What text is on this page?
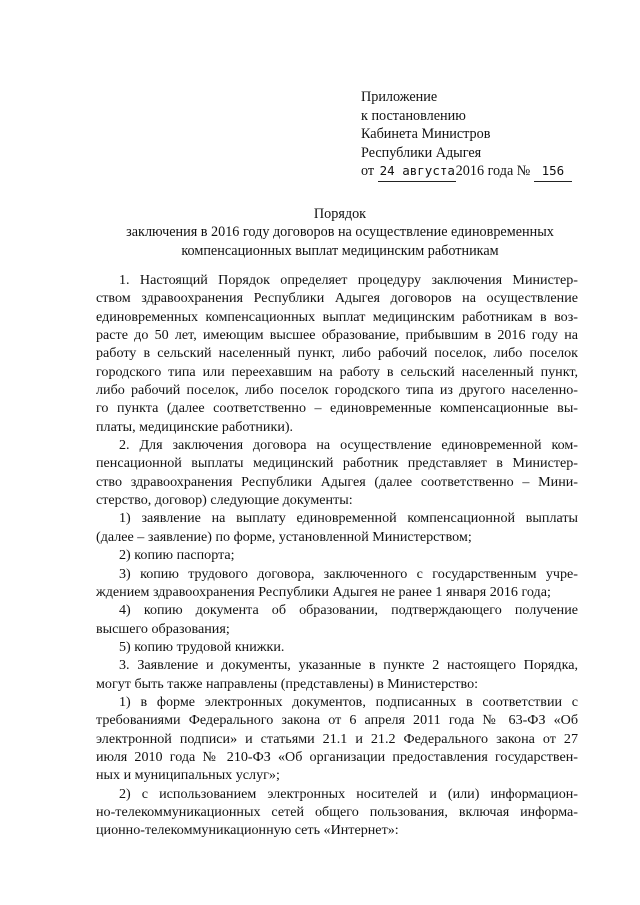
Приложение
к постановлению
Кабинета Министров
Республики Адыгея
от 24 августа2016 года № 156
Порядок
заключения в 2016 году договоров на осуществление единовременных
компенсационных выплат медицинским работникам
1. Настоящий Порядок определяет процедуру заключения Министер-
ством здравоохранения Республики Адыгея договоров на осуществление
единовременных компенсационных выплат медицинским работникам в воз-
расте до 50 лет, имеющим высшее образование, прибывшим в 2016 году на
работу в сельский населенный пункт, либо рабочий поселок, либо поселок
городского типа или переехавшим на работу в сельский населенный пункт,
либо рабочий поселок, либо поселок городского типа из другого населенно-
го пункта (далее соответственно – единовременные компенсационные вы-
платы, медицинские работники).
2. Для заключения договора на осуществление единовременной ком-
пенсационной выплаты медицинский работник представляет в Министер-
ство здравоохранения Республики Адыгея (далее соответственно – Мини-
стерство, договор) следующие документы:
1) заявление на выплату единовременной компенсационной выплаты
(далее – заявление) по форме, установленной Министерством;
2) копию паспорта;
3) копию трудового договора, заключенного с государственным учре-
ждением здравоохранения Республики Адыгея не ранее 1 января 2016 года;
4) копию документа об образовании, подтверждающего получение
высшего образования;
5) копию трудовой книжки.
3. Заявление и документы, указанные в пункте 2 настоящего Порядка,
могут быть также направлены (представлены) в Министерство:
1) в форме электронных документов, подписанных в соответствии с
требованиями Федерального закона от 6 апреля 2011 года № 63-ФЗ «Об
электронной подписи» и статьями 21.1 и 21.2 Федерального закона от 27
июля 2010 года № 210-ФЗ «Об организации предоставления государствен-
ных и муниципальных услуг»;
2) с использованием электронных носителей и (или) информацион-
но-телекоммуникационных сетей общего пользования, включая информа-
ционно-телекоммуникационную сеть «Интернет»:
